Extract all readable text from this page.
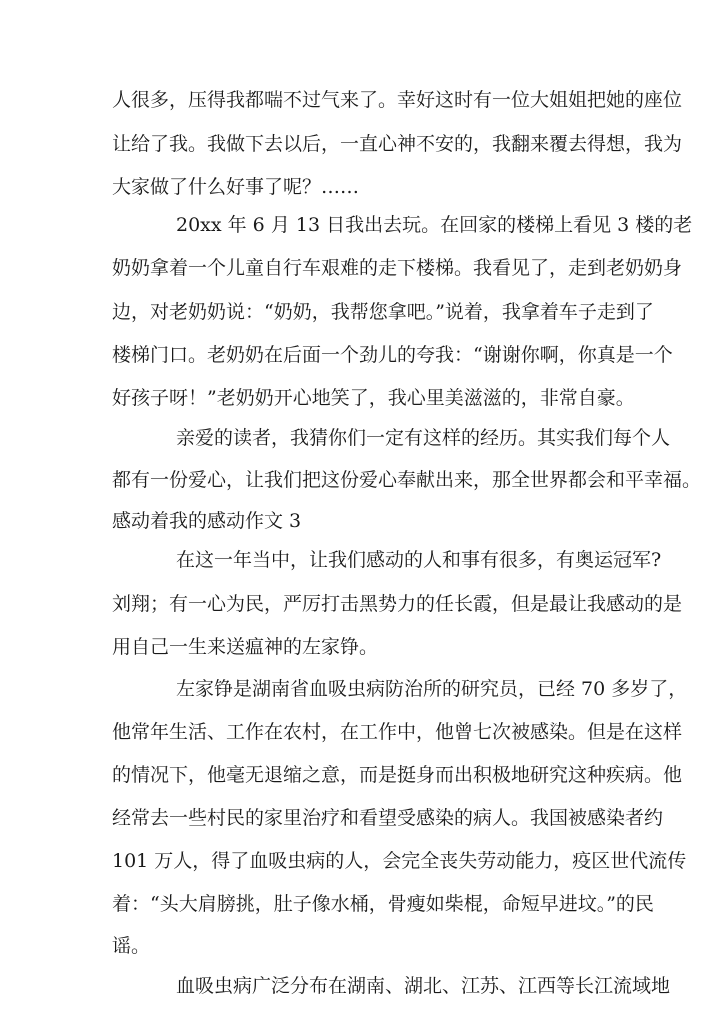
人很多，压得我都喘不过气来了。幸好这时有一位大姐姐把她的座位
让给了我。我做下去以后，一直心神不安的，我翻来覆去得想，我为
大家做了什么好事了呢？……
20xx 年 6 月 13 日我出去玩。在回家的楼梯上看见 3 楼的老
奶奶拿着一个儿童自行车艰难的走下楼梯。我看见了，走到老奶奶身
边，对老奶奶说：“奶奶，我帮您拿吧。”说着，我拿着车子走到了
楼梯门口。老奶奶在后面一个劲儿的夸我：“谢谢你啊，你真是一个
好孩子呀！”老奶奶开心地笑了，我心里美滋滋的，非常自豪。
亲爱的读者，我猜你们一定有这样的经历。其实我们每个人
都有一份爱心，让我们把这份爱心奉献出来，那全世界都会和平幸福。
感动着我的感动作文 3
在这一年当中，让我们感动的人和事有很多，有奥运冠军?
刘翔；有一心为民，严厉打击黑势力的任长霞，但是最让我感动的是
用自己一生来送瘟神的左家铮。
左家铮是湖南省血吸虫病防治所的研究员，已经 70 多岁了，
他常年生活、工作在农村，在工作中，他曾七次被感染。但是在这样
的情况下，他毫无退缩之意，而是挺身而出积极地研究这种疾病。他
经常去一些村民的家里治疗和看望受感染的病人。我国被感染者约
101 万人，得了血吸虫病的人，会完全丧失劳动能力，疫区世代流传
着：“头大肩膀挑，肚子像水桶，骨瘦如柴棍，命短早进坟。”的民
谣。
血吸虫病广泛分布在湖南、湖北、江苏、江西等长江流域地
